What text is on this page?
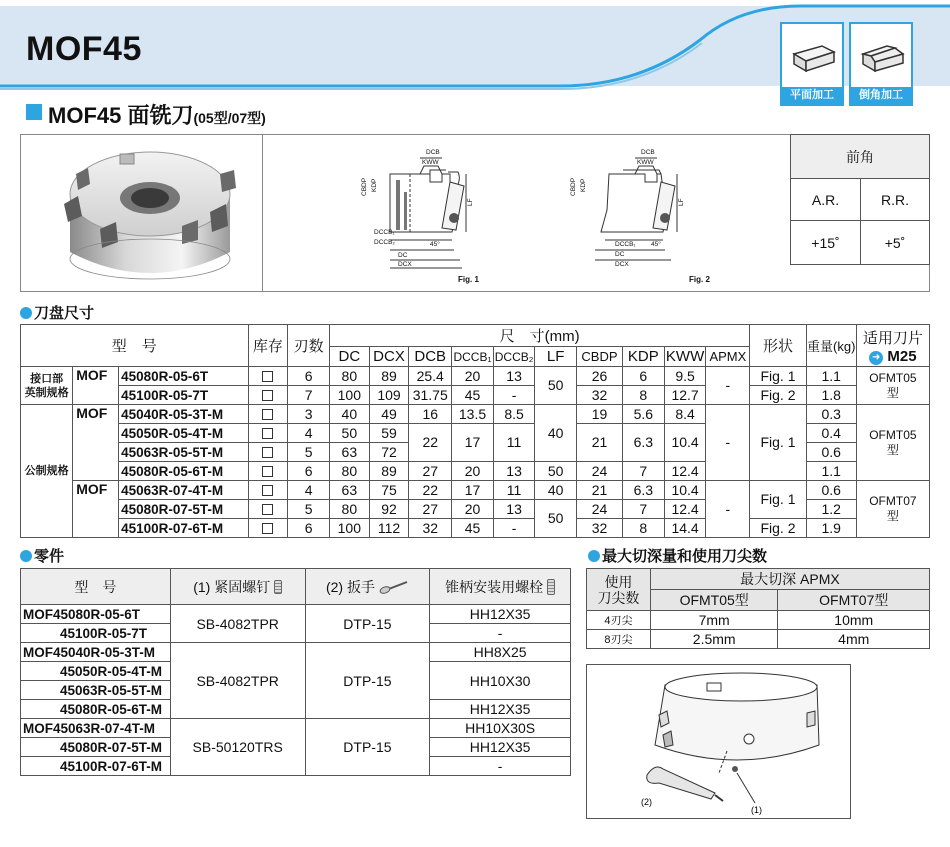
MOF45
平面加工	倒角加工
MOF45 面铣刀(05型/07型)
DCB
KWW
CBDP KDP
LF
DCCB₁
DCCB₂
DC
DCX
45°
Fig. 1
DCB
KWW
CBDP KDP
LF
DCCB₁
DC
DCX
45°
Fig. 2
前角	
A.R.	R.R.
+15˚	+5˚
刀盘尺寸
型　号			库存	刃数	尺　寸(mm)										形状	重量(kg)	适用刀片
➜ M25

					DC	DCX	DCB	DCCB₁	DCCB₂	LF	CBDP	KDP	KWW	APMX			
接口部
英制规格	MOF	45080R-05-6T		6	80	89	25.4	20	13	50	26	6	9.5	-	Fig. 1	1.1	OFMT05
型
		45100R-05-7T		7	100	109	31.75	45	-		32	8	12.7		Fig. 2	1.8	
公制规格	MOF	45040R-05-3T-M		3	40	49	16	13.5	8.5	40	19	5.6	8.4	-	Fig. 1	0.3	OFMT05
型
		45050R-05-4T-M		4	50	59	22	17	11		21	6.3	10.4			0.4	
		45063R-05-5T-M		5	63	72										0.6	
		45080R-05-6T-M		6	80	89	27	20	13	50	24	7	12.4			1.1	
	MOF	45063R-07-4T-M		4	63	75	22	17	11	40	21	6.3	10.4	-	Fig. 1	0.6	OFMT07
型
		45080R-07-5T-M		5	80	92	27	20	13	50	24	7	12.4			1.2	
		45100R-07-6T-M		6	100	112	32	45	-		32	8	14.4		Fig. 2	1.9	
零件
型　号	(1) 紧固螺钉	(2) 扳手	锥柄安装用螺栓
MOF45080R-05-6T	SB-4082TPR	DTP-15	HH12X35
45100R-05-7T			-
MOF45040R-05-3T-M	SB-4082TPR	DTP-15	HH8X25
45050R-05-4T-M			HH10X30
45063R-05-5T-M			
45080R-05-6T-M			HH12X35
MOF45063R-07-4T-M	SB-50120TRS	DTP-15	HH10X30S
45080R-07-5T-M			HH12X35
45100R-07-6T-M			-
最大切深量和使用刀尖数
使用
刀尖数	最大切深 APMX	
	OFMT05型	OFMT07型
4刃尖	7mm	10mm
8刃尖	2.5mm	4mm
(2)
(1)
